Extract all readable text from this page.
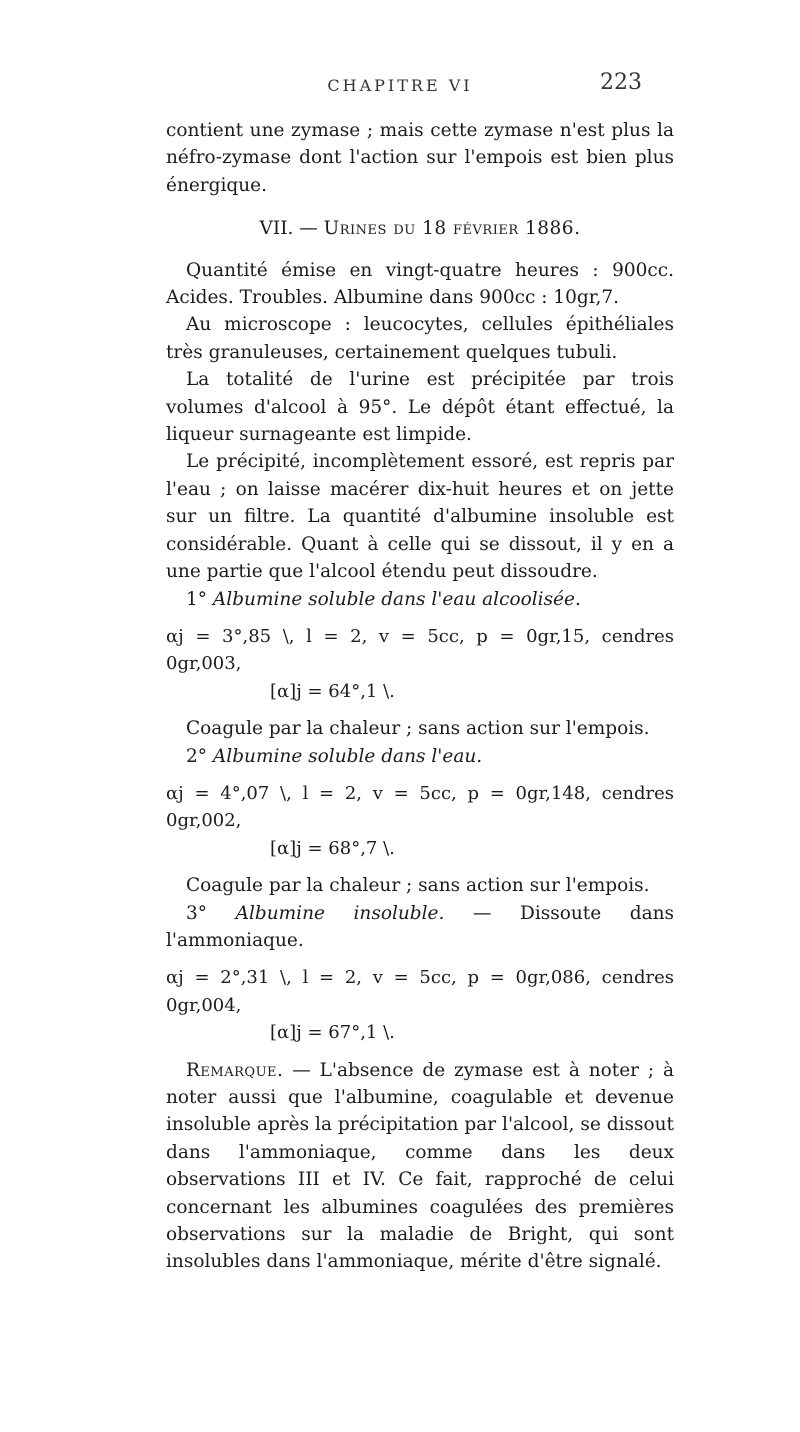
CHAPITRE VI	223

contient une zymase ; mais cette zymase n'est plus la néfro-zymase dont l'action sur l'empois est bien plus énergique.

VII. — Urines du 18 février 1886.

Quantité émise en vingt-quatre heures : 900cc. Acides. Troubles. Albumine dans 900cc : 10gr,7.

Au microscope : leucocytes, cellules épithéliales très granuleuses, certainement quelques tubuli.

La totalité de l'urine est précipitée par trois volumes d'alcool à 95°. Le dépôt étant effectué, la liqueur surnageante est limpide.

Le précipité, incomplètement essoré, est repris par l'eau ; on laisse macérer dix-huit heures et on jette sur un filtre. La quantité d'albumine insoluble est considérable. Quant à celle qui se dissout, il y en a une partie que l'alcool étendu peut dissoudre.

1° Albumine soluble dans l'eau alcoolisée.

αj = 3°,85 \, l = 2, v = 5cc, p = 0gr,15, cendres 0gr,003,
[α]j = 64°,1 \.

Coagule par la chaleur ; sans action sur l'empois.

2° Albumine soluble dans l'eau.

αj = 4°,07 \, l = 2, v = 5cc, p = 0gr,148, cendres 0gr,002,
[α]j = 68°,7 \.

Coagule par la chaleur ; sans action sur l'empois.

3° Albumine insoluble. — Dissoute dans l'ammoniaque.

αj = 2°,31 \, l = 2, v = 5cc, p = 0gr,086, cendres 0gr,004,
[α]j = 67°,1 \.

Remarque. — L'absence de zymase est à noter ; à noter aussi que l'albumine, coagulable et devenue insoluble après la précipitation par l'alcool, se dissout dans l'ammoniaque, comme dans les deux observations III et IV. Ce fait, rapproché de celui concernant les albumines coagulées des premières observations sur la maladie de Bright, qui sont insolubles dans l'ammoniaque, mérite d'être signalé.
